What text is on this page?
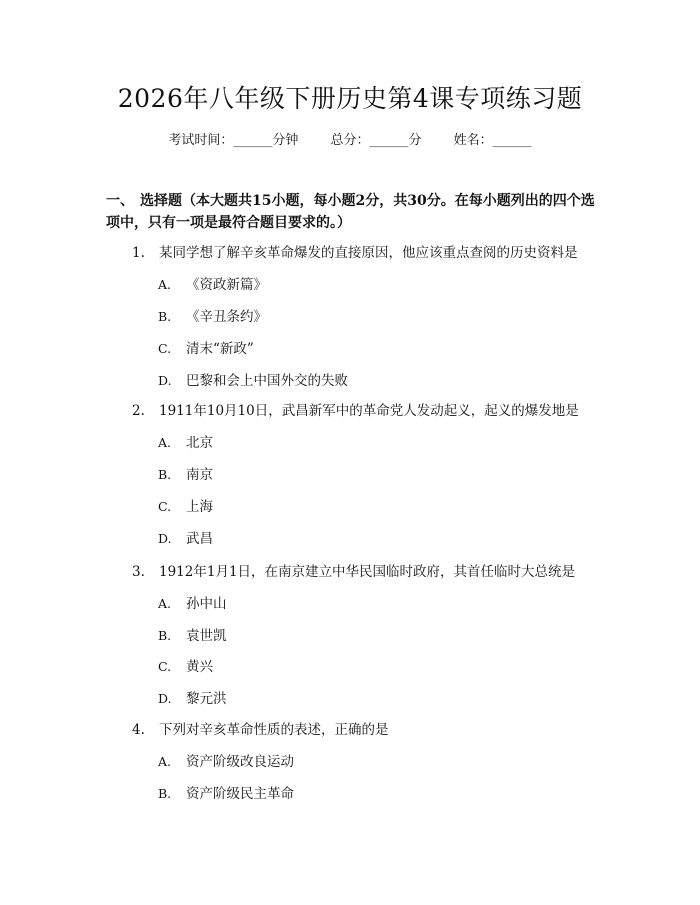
2026年八年级下册历史第4课专项练习题
考试时间：______分钟 总分：______分 姓名：______
一、 选择题（本大题共15小题，每小题2分，共30分。在每小题列出的四个选项中，只有一项是最符合题目要求的。）
1. 某同学想了解辛亥革命爆发的直接原因，他应该重点查阅的历史资料是
A. 《资政新篇》
B. 《辛丑条约》
C. 清末“新政”
D. 巴黎和会上中国外交的失败
2. 1911年10月10日，武昌新军中的革命党人发动起义，起义的爆发地是
A. 北京
B. 南京
C. 上海
D. 武昌
3. 1912年1月1日，在南京建立中华民国临时政府，其首任临时大总统是
A. 孙中山
B. 袁世凯
C. 黄兴
D. 黎元洪
4. 下列对辛亥革命性质的表述，正确的是
A. 资产阶级改良运动
B. 资产阶级民主革命
